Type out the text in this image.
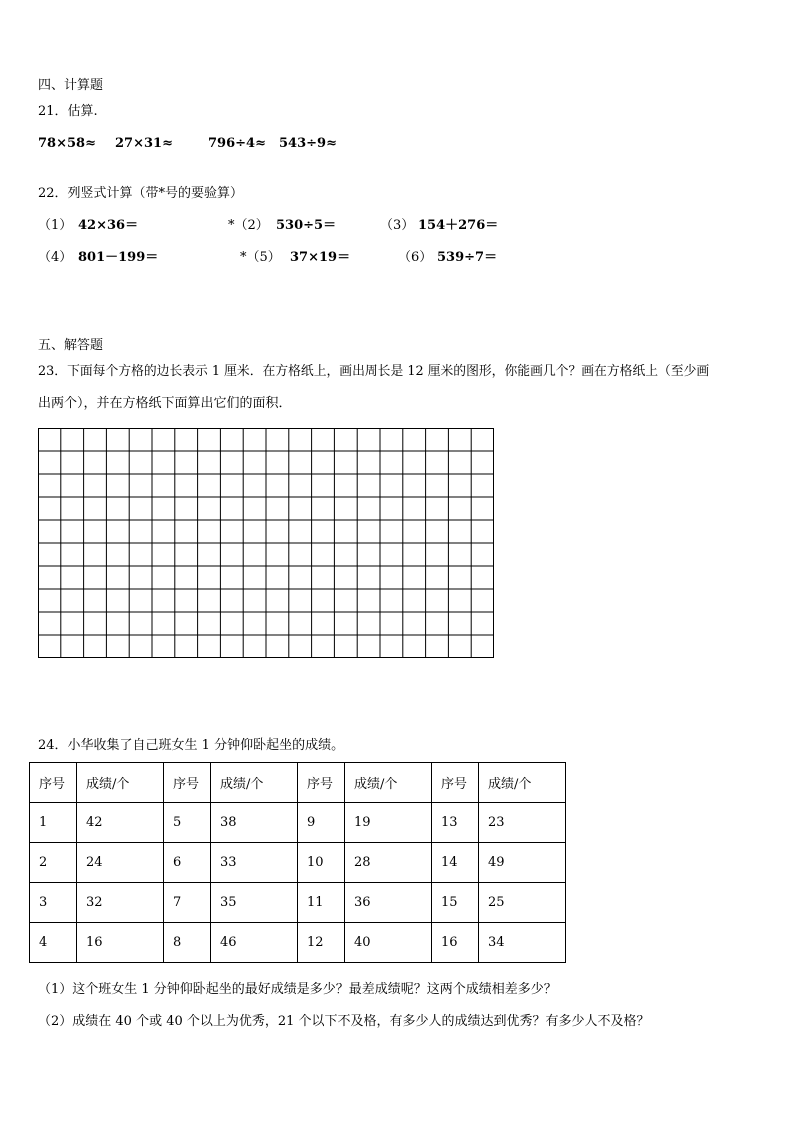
四、计算题
21．估算.
78×58≈ 27×31≈	796÷4≈ 543÷9≈
22．列竖式计算（带*号的要验算）
（1） 42×36＝	*（2） 530÷5＝	（3） 154＋276＝
（4） 801－199＝	*（5） 37×19＝	（6） 539÷7＝
五、解答题
23．下面每个方格的边长表示 1 厘米．在方格纸上，画出周长是 12 厘米的图形，你能画几个？画在方格纸上（至少画
出两个），并在方格纸下面算出它们的面积．
24．小华收集了自己班女生 1 分钟仰卧起坐的成绩。
序号	成绩/个	序号	成绩/个	序号	成绩/个	序号	成绩/个
1	42	5	38	9	19	13	23
2	24	6	33	10	28	14	49
3	32	7	35	11	36	15	25
4	16	8	46	12	40	16	34
（1）这个班女生 1 分钟仰卧起坐的最好成绩是多少？最差成绩呢？这两个成绩相差多少？
（2）成绩在 40 个或 40 个以上为优秀，21 个以下不及格，有多少人的成绩达到优秀？有多少人不及格？
